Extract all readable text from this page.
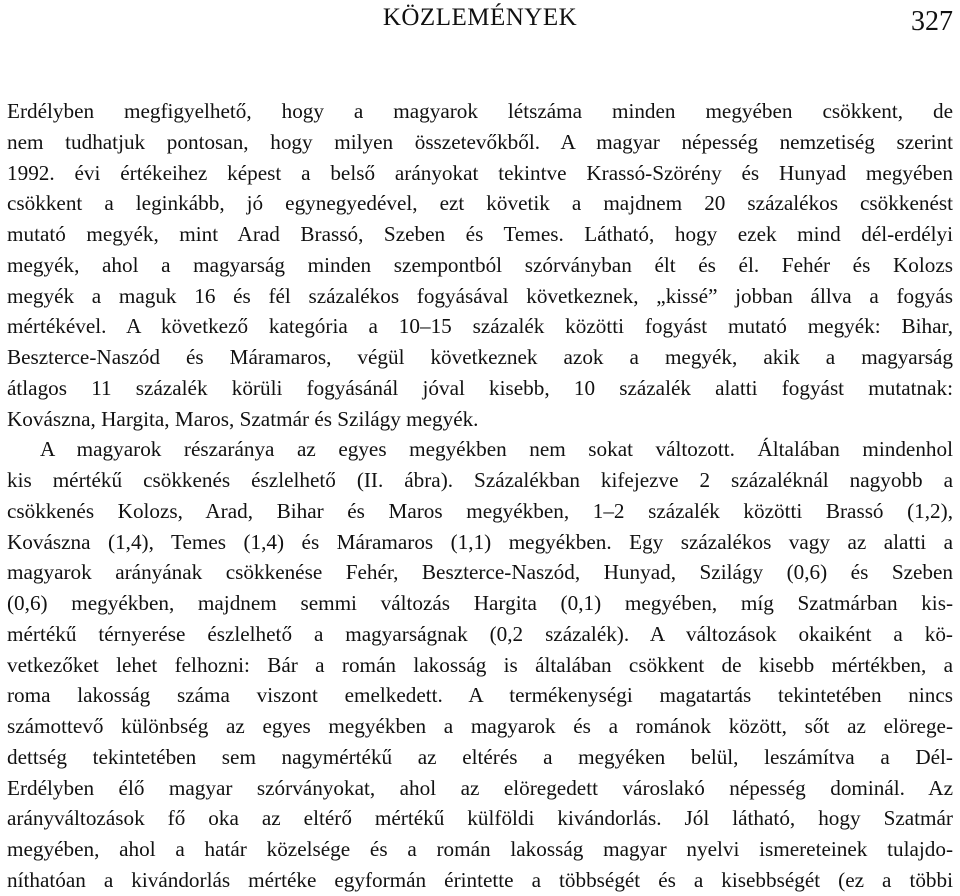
KÖZLEMÉNYEK	327
Erdélyben megfigyelhető, hogy a magyarok létszáma minden megyében csökkent, de
nem tudhatjuk pontosan, hogy milyen összetevőkből. A magyar népesség nemzetiség szerint
1992. évi értékeihez képest a belső arányokat tekintve Krassó-Szörény és Hunyad megyében
csökkent a leginkább, jó egynegyedével, ezt követik a majdnem 20 százalékos csökkenést
mutató megyék, mint Arad Brassó, Szeben és Temes. Látható, hogy ezek mind dél-erdélyi
megyék, ahol a magyarság minden szempontból szórványban élt és él. Fehér és Kolozs
megyék a maguk 16 és fél százalékos fogyásával következnek, „kissé” jobban állva a fogyás
mértékével. A következő kategória a 10–15 százalék közötti fogyást mutató megyék: Bihar,
Beszterce-Naszód és Máramaros, végül következnek azok a megyék, akik a magyarság
átlagos 11 százalék körüli fogyásánál jóval kisebb, 10 százalék alatti fogyást mutatnak:
Kovászna, Hargita, Maros, Szatmár és Szilágy megyék.
A magyarok részaránya az egyes megyékben nem sokat változott. Általában mindenhol
kis mértékű csökkenés észlelhető (II. ábra). Százalékban kifejezve 2 százaléknál nagyobb a
csökkenés Kolozs, Arad, Bihar és Maros megyékben, 1–2 százalék közötti Brassó (1,2),
Kovászna (1,4), Temes (1,4) és Máramaros (1,1) megyékben. Egy százalékos vagy az alatti a
magyarok arányának csökkenése Fehér, Beszterce-Naszód, Hunyad, Szilágy (0,6) és Szeben
(0,6) megyékben, majdnem semmi változás Hargita (0,1) megyében, míg Szatmárban kis-
mértékű térnyerése észlelhető a magyarságnak (0,2 százalék). A változások okaiként a kö-
vetkezőket lehet felhozni: Bár a román lakosság is általában csökkent de kisebb mértékben, a
roma lakosság száma viszont emelkedett. A termékenységi magatartás tekintetében nincs
számottevő különbség az egyes megyékben a magyarok és a románok között, sőt az elörege-
dettség tekintetében sem nagymértékű az eltérés a megyéken belül, leszámítva a Dél-
Erdélyben élő magyar szórványokat, ahol az elöregedett városlakó népesség dominál. Az
arányváltozások fő oka az eltérő mértékű külföldi kivándorlás. Jól látható, hogy Szatmár
megyében, ahol a határ közelsége és a román lakosság magyar nyelvi ismereteinek tulajdo-
níthatóan a kivándorlás mértéke egyformán érintette a többségét és a kisebbségét (ez a többi
